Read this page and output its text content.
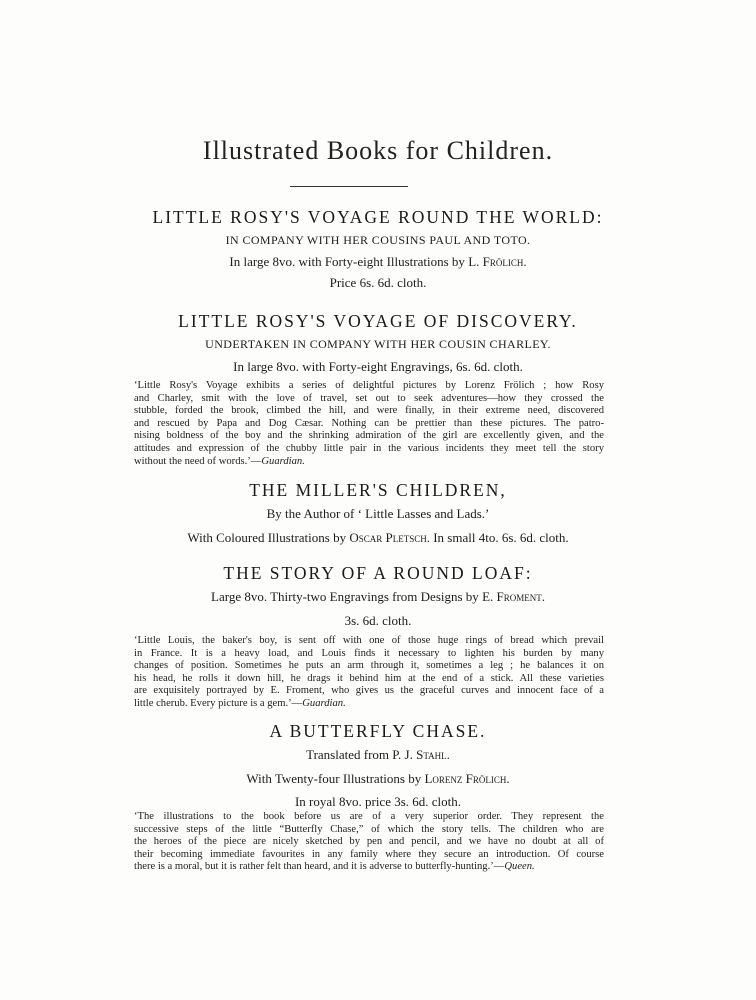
Illustrated Books for Children.

LITTLE ROSY'S VOYAGE ROUND THE WORLD:

IN COMPANY WITH HER COUSINS PAUL AND TOTO.

In large 8vo. with Forty-eight Illustrations by L. Frölich.

Price 6s. 6d. cloth.

LITTLE ROSY'S VOYAGE OF DISCOVERY.

UNDERTAKEN IN COMPANY WITH HER COUSIN CHARLEY.

In large 8vo. with Forty-eight Engravings, 6s. 6d. cloth.

‘Little Rosy's Voyage exhibits a series of delightful pictures by Lorenz Frölich ; how Rosy

and Charley, smit with the love of travel, set out to seek adventures—how they crossed the

stubble, forded the brook, climbed the hill, and were finally, in their extreme need, discovered

and rescued by Papa and Dog Cæsar. Nothing can be prettier than these pictures. The patro-

nising boldness of the boy and the shrinking admiration of the girl are excellently given, and the

attitudes and expression of the chubby little pair in the various incidents they meet tell the story

without the need of words.’—Guardian.

THE MILLER'S CHILDREN,

By the Author of ‘ Little Lasses and Lads.’

With Coloured Illustrations by Oscar Pletsch. In small 4to. 6s. 6d. cloth.

THE STORY OF A ROUND LOAF:

Large 8vo. Thirty-two Engravings from Designs by E. Froment.

3s. 6d. cloth.

‘Little Louis, the baker's boy, is sent off with one of those huge rings of bread which prevail

in France. It is a heavy load, and Louis finds it necessary to lighten his burden by many

changes of position. Sometimes he puts an arm through it, sometimes a leg ; he balances it on

his head, he rolls it down hill, he drags it behind him at the end of a stick. All these varieties

are exquisitely portrayed by E. Froment, who gives us the graceful curves and innocent face of a

little cherub. Every picture is a gem.’—Guardian.

A BUTTERFLY CHASE.

Translated from P. J. Stahl.

With Twenty-four Illustrations by Lorenz Frölich.

In royal 8vo. price 3s. 6d. cloth.

‘The illustrations to the book before us are of a very superior order. They represent the

successive steps of the little “Butterfly Chase,” of which the story tells. The children who are

the heroes of the piece are nicely sketched by pen and pencil, and we have no doubt at all of

their becoming immediate favourites in any family where they secure an introduction. Of course

there is a moral, but it is rather felt than heard, and it is adverse to butterfly-hunting.’—Queen.
